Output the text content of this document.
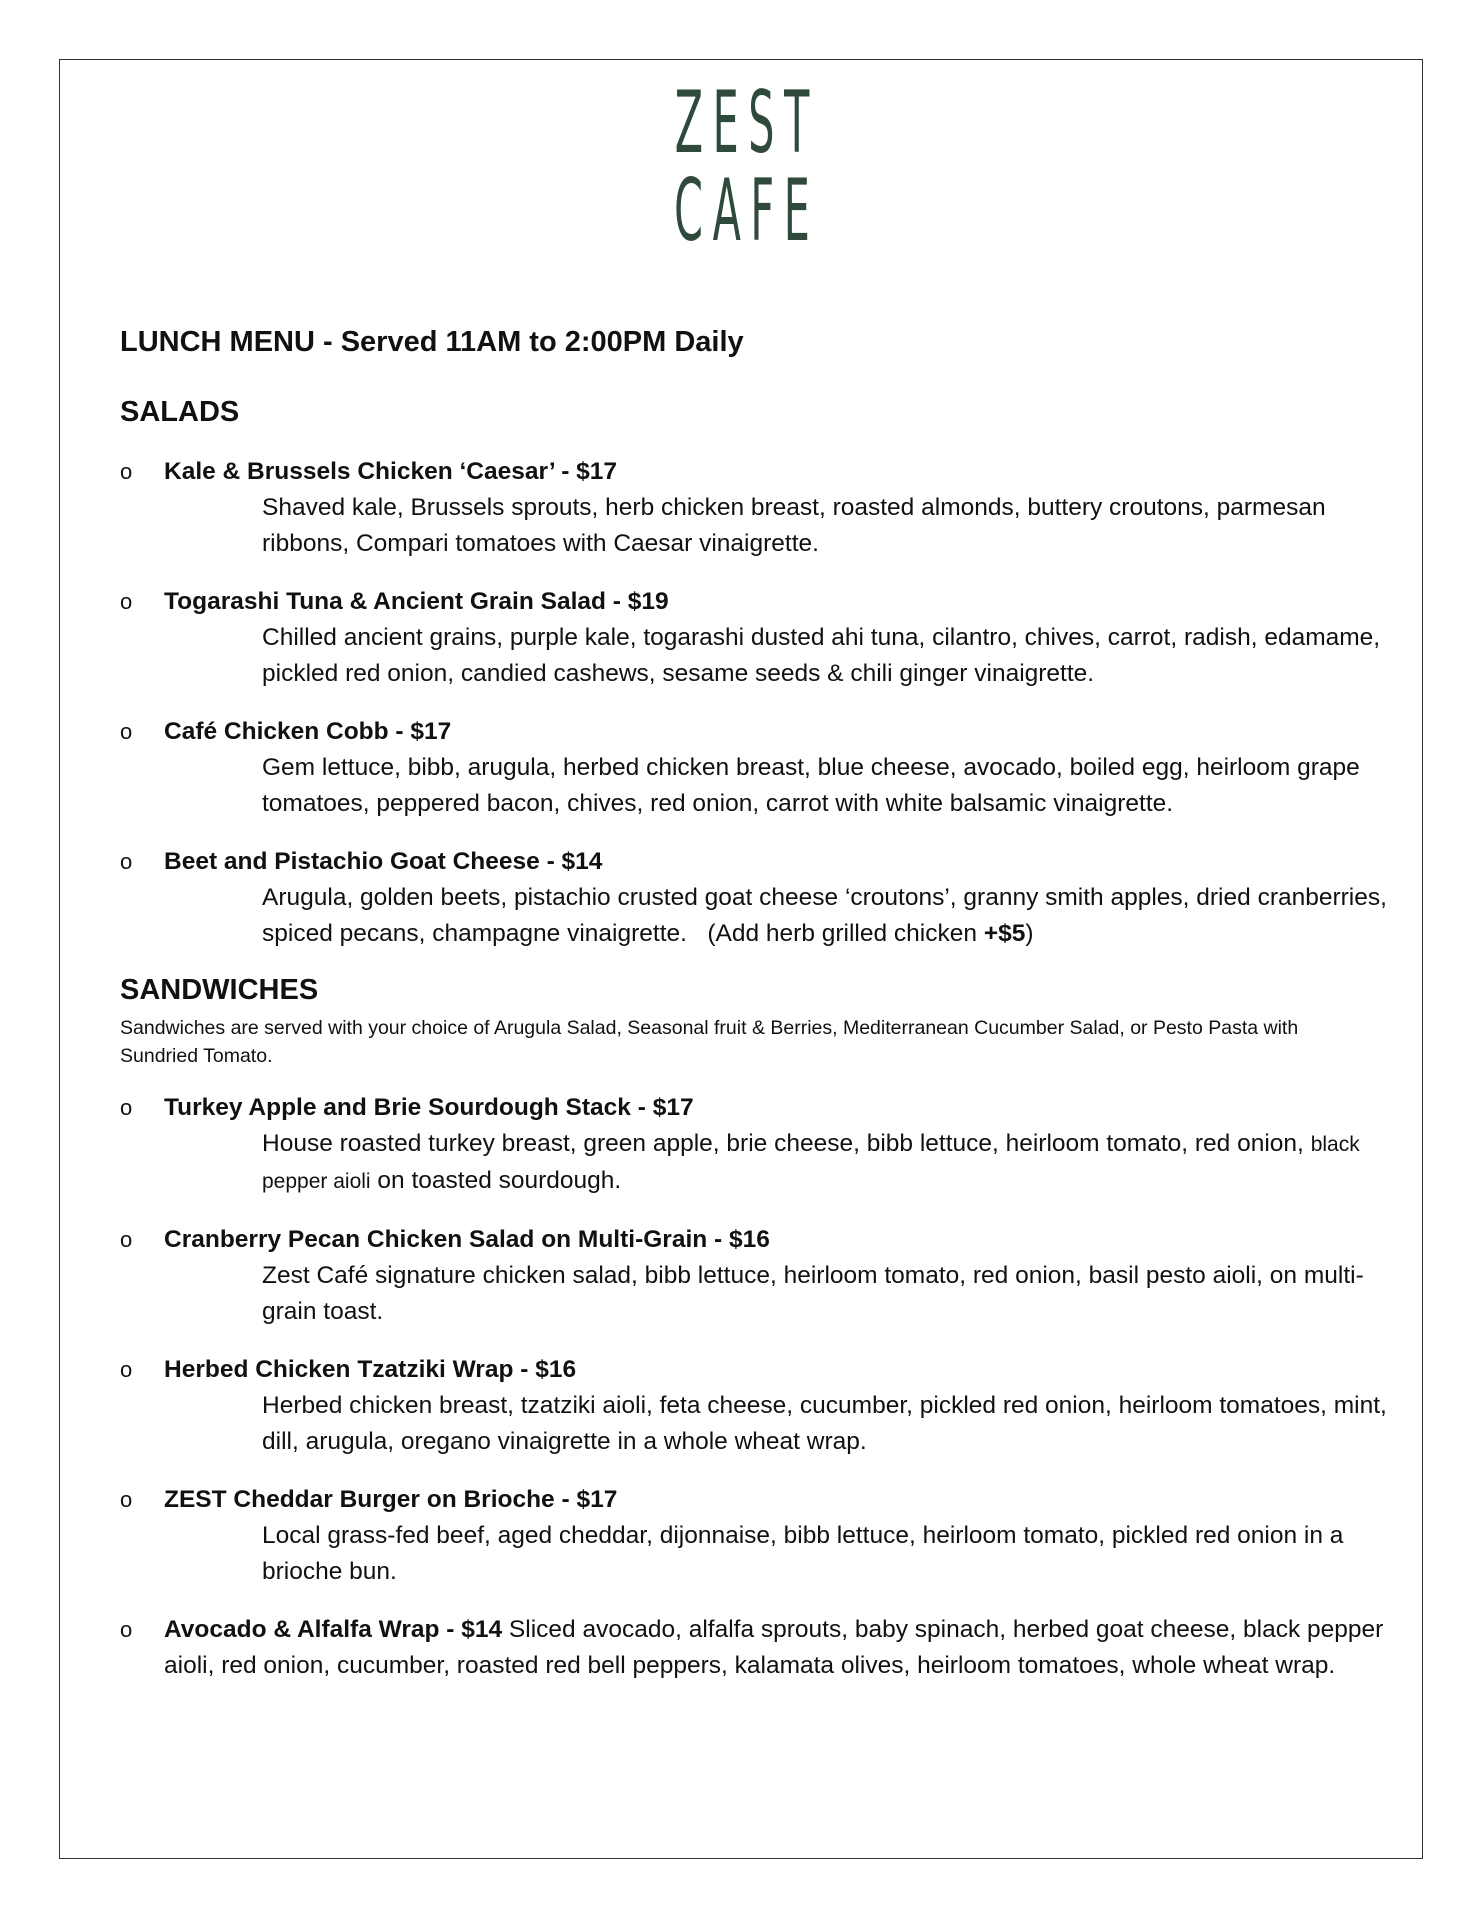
ZEST
CAFE
LUNCH MENU - Served 11AM to 2:00PM Daily
SALADS
o Kale & Brussels Chicken ‘Caesar’ - $17
Shaved kale, Brussels sprouts, herb chicken breast, roasted almonds, buttery croutons, parmesan ribbons, Compari tomatoes with Caesar vinaigrette.
o Togarashi Tuna & Ancient Grain Salad - $19
Chilled ancient grains, purple kale, togarashi dusted ahi tuna, cilantro, chives, carrot, radish, edamame, pickled red onion, candied cashews, sesame seeds & chili ginger vinaigrette.
o Café Chicken Cobb - $17
Gem lettuce, bibb, arugula, herbed chicken breast, blue cheese, avocado, boiled egg, heirloom grape tomatoes, peppered bacon, chives, red onion, carrot with white balsamic vinaigrette.
o Beet and Pistachio Goat Cheese - $14
Arugula, golden beets, pistachio crusted goat cheese ‘croutons’, granny smith apples, dried cranberries, spiced pecans, champagne vinaigrette. (Add herb grilled chicken +$5)
SANDWICHES

Sandwiches are served with your choice of Arugula Salad, Seasonal fruit & Berries, Mediterranean Cucumber Salad, or Pesto Pasta with Sundried Tomato.

o Turkey Apple and Brie Sourdough Stack - $17
House roasted turkey breast, green apple, brie cheese, bibb lettuce, heirloom tomato, red onion, black pepper aioli on toasted sourdough.
o Cranberry Pecan Chicken Salad on Multi-Grain - $16
Zest Café signature chicken salad, bibb lettuce, heirloom tomato, red onion, basil pesto aioli, on multi-grain toast.
o Herbed Chicken Tzatziki Wrap - $16
Herbed chicken breast, tzatziki aioli, feta cheese, cucumber, pickled red onion, heirloom tomatoes, mint, dill, arugula, oregano vinaigrette in a whole wheat wrap.
o ZEST Cheddar Burger on Brioche - $17
Local grass-fed beef, aged cheddar, dijonnaise, bibb lettuce, heirloom tomato, pickled red onion in a brioche bun.
o Avocado & Alfalfa Wrap - $14 Sliced avocado, alfalfa sprouts, baby spinach, herbed goat cheese, black pepper aioli, red onion, cucumber, roasted red bell peppers, kalamata olives, heirloom tomatoes, whole wheat wrap.
